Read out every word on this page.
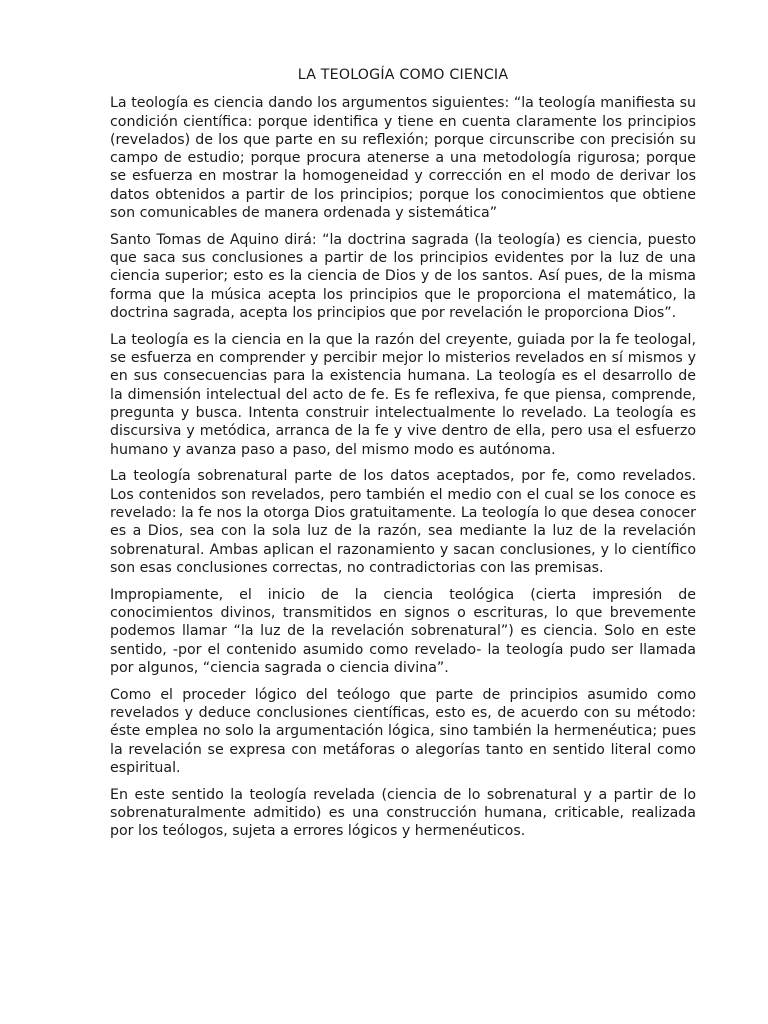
LA TEOLOGÍA COMO CIENCIA

La teología es ciencia dando los argumentos siguientes: “la teología manifiesta su condición científica: porque identifica y tiene en cuenta claramente los principios (revelados) de los que parte en su reflexión; porque circunscribe con precisión su campo de estudio; porque procura atenerse a una metodología rigurosa; porque se esfuerza en mostrar la homogeneidad y corrección en el modo de derivar los datos obtenidos a partir de los principios; porque los conocimientos que obtiene son comunicables de manera ordenada y sistemática”

Santo Tomas de Aquino dirá: “la doctrina sagrada (la teología) es ciencia, puesto que saca sus conclusiones a partir de los principios evidentes por la luz de una ciencia superior; esto es la ciencia de Dios y de los santos. Así pues, de la misma forma que la música acepta los principios que le proporciona el matemático, la doctrina sagrada, acepta los principios que por revelación le proporciona Dios”.

La teología es la ciencia en la que la razón del creyente, guiada por la fe teologal, se esfuerza en comprender y percibir mejor lo misterios revelados en sí mismos y en sus consecuencias para la existencia humana. La teología es el desarrollo de la dimensión intelectual del acto de fe. Es fe reflexiva, fe que piensa, comprende, pregunta y busca. Intenta construir intelectualmente lo revelado. La teología es discursiva y metódica, arranca de la fe y vive dentro de ella, pero usa el esfuerzo humano y avanza paso a paso, del mismo modo es autónoma.

La teología sobrenatural parte de los datos aceptados, por fe, como revelados. Los contenidos son revelados, pero también el medio con el cual se los conoce es revelado: la fe nos la otorga Dios gratuitamente. La teología lo que desea conocer es a Dios, sea con la sola luz de la razón, sea mediante la luz de la revelación sobrenatural. Ambas aplican el razonamiento y sacan conclusiones, y lo científico son esas conclusiones correctas, no contradictorias con las premisas.

Impropiamente, el inicio de la ciencia teológica (cierta impresión de conocimientos divinos, transmitidos en signos o escrituras, lo que brevemente podemos llamar “la luz de la revelación sobrenatural”) es ciencia. Solo en este sentido, -por el contenido asumido como revelado- la teología pudo ser llamada por algunos, “ciencia sagrada o ciencia divina”.

Como el proceder lógico del teólogo que parte de principios asumido como revelados y deduce conclusiones científicas, esto es, de acuerdo con su método: éste emplea no solo la argumentación lógica, sino también la hermenéutica; pues la revelación se expresa con metáforas o alegorías tanto en sentido literal como espiritual.

En este sentido la teología revelada (ciencia de lo sobrenatural y a partir de lo sobrenaturalmente admitido) es una construcción humana, criticable, realizada por los teólogos, sujeta a errores lógicos y hermenéuticos.
